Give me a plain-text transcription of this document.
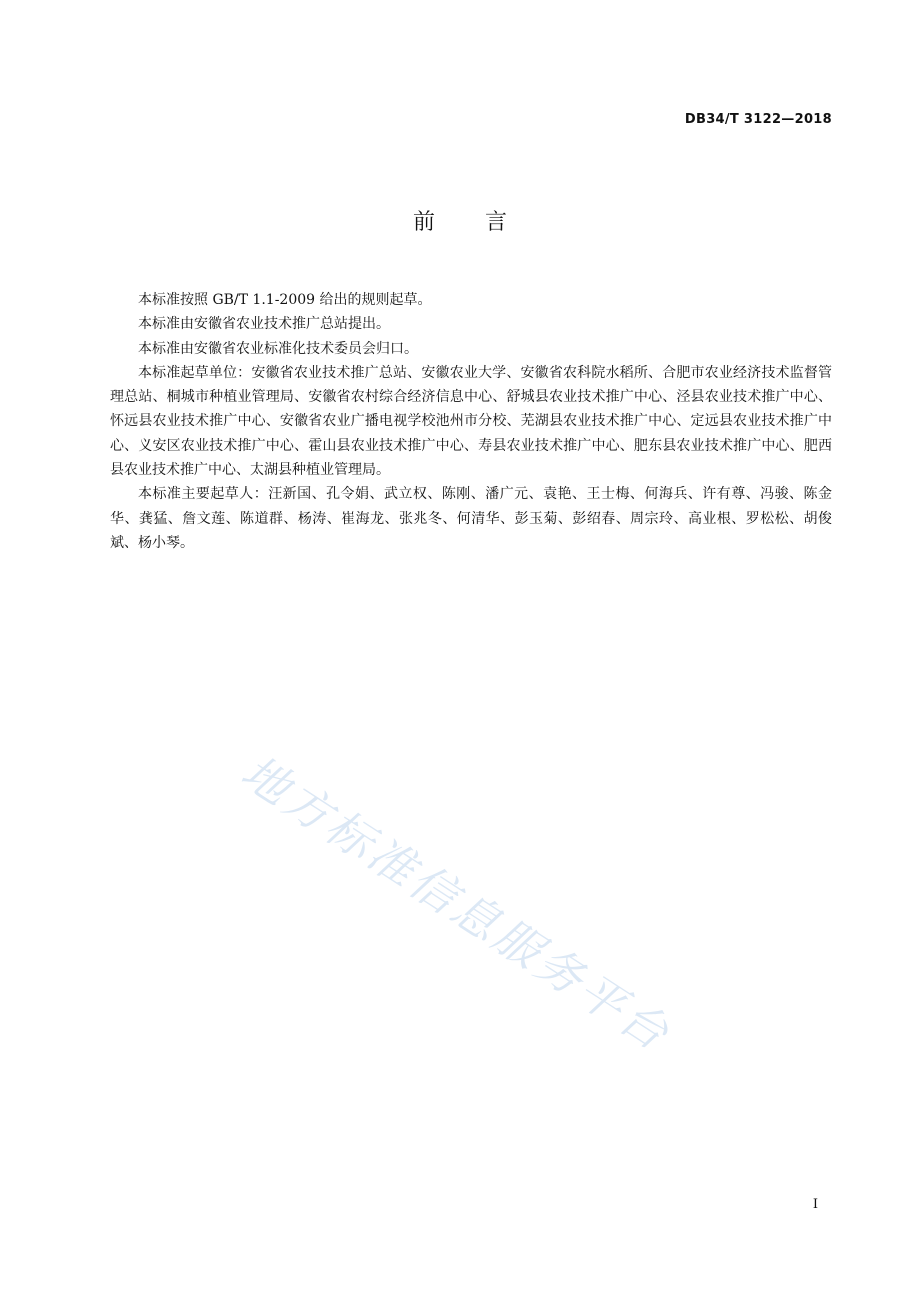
DB34/T 3122—2018
前言

本标准按照 GB/T 1.1-2009 给出的规则起草。

本标准由安徽省农业技术推广总站提出。

本标准由安徽省农业标准化技术委员会归口。

本标准起草单位：安徽省农业技术推广总站、安徽农业大学、安徽省农科院水稻所、合肥市农业经济技术监督管理总站、桐城市种植业管理局、安徽省农村综合经济信息中心、舒城县农业技术推广中心、泾县农业技术推广中心、怀远县农业技术推广中心、安徽省农业广播电视学校池州市分校、芜湖县农业技术推广中心、定远县农业技术推广中心、义安区农业技术推广中心、霍山县农业技术推广中心、寿县农业技术推广中心、肥东县农业技术推广中心、肥西县农业技术推广中心、太湖县种植业管理局。

本标准主要起草人：汪新国、孔令娟、武立权、陈刚、潘广元、袁艳、王士梅、何海兵、许有尊、冯骏、陈金华、龚猛、詹文莲、陈道群、杨涛、崔海龙、张兆冬、何清华、彭玉菊、彭绍春、周宗玲、高业根、罗松松、胡俊斌、杨小琴。

地方标准信息服务平台
I
